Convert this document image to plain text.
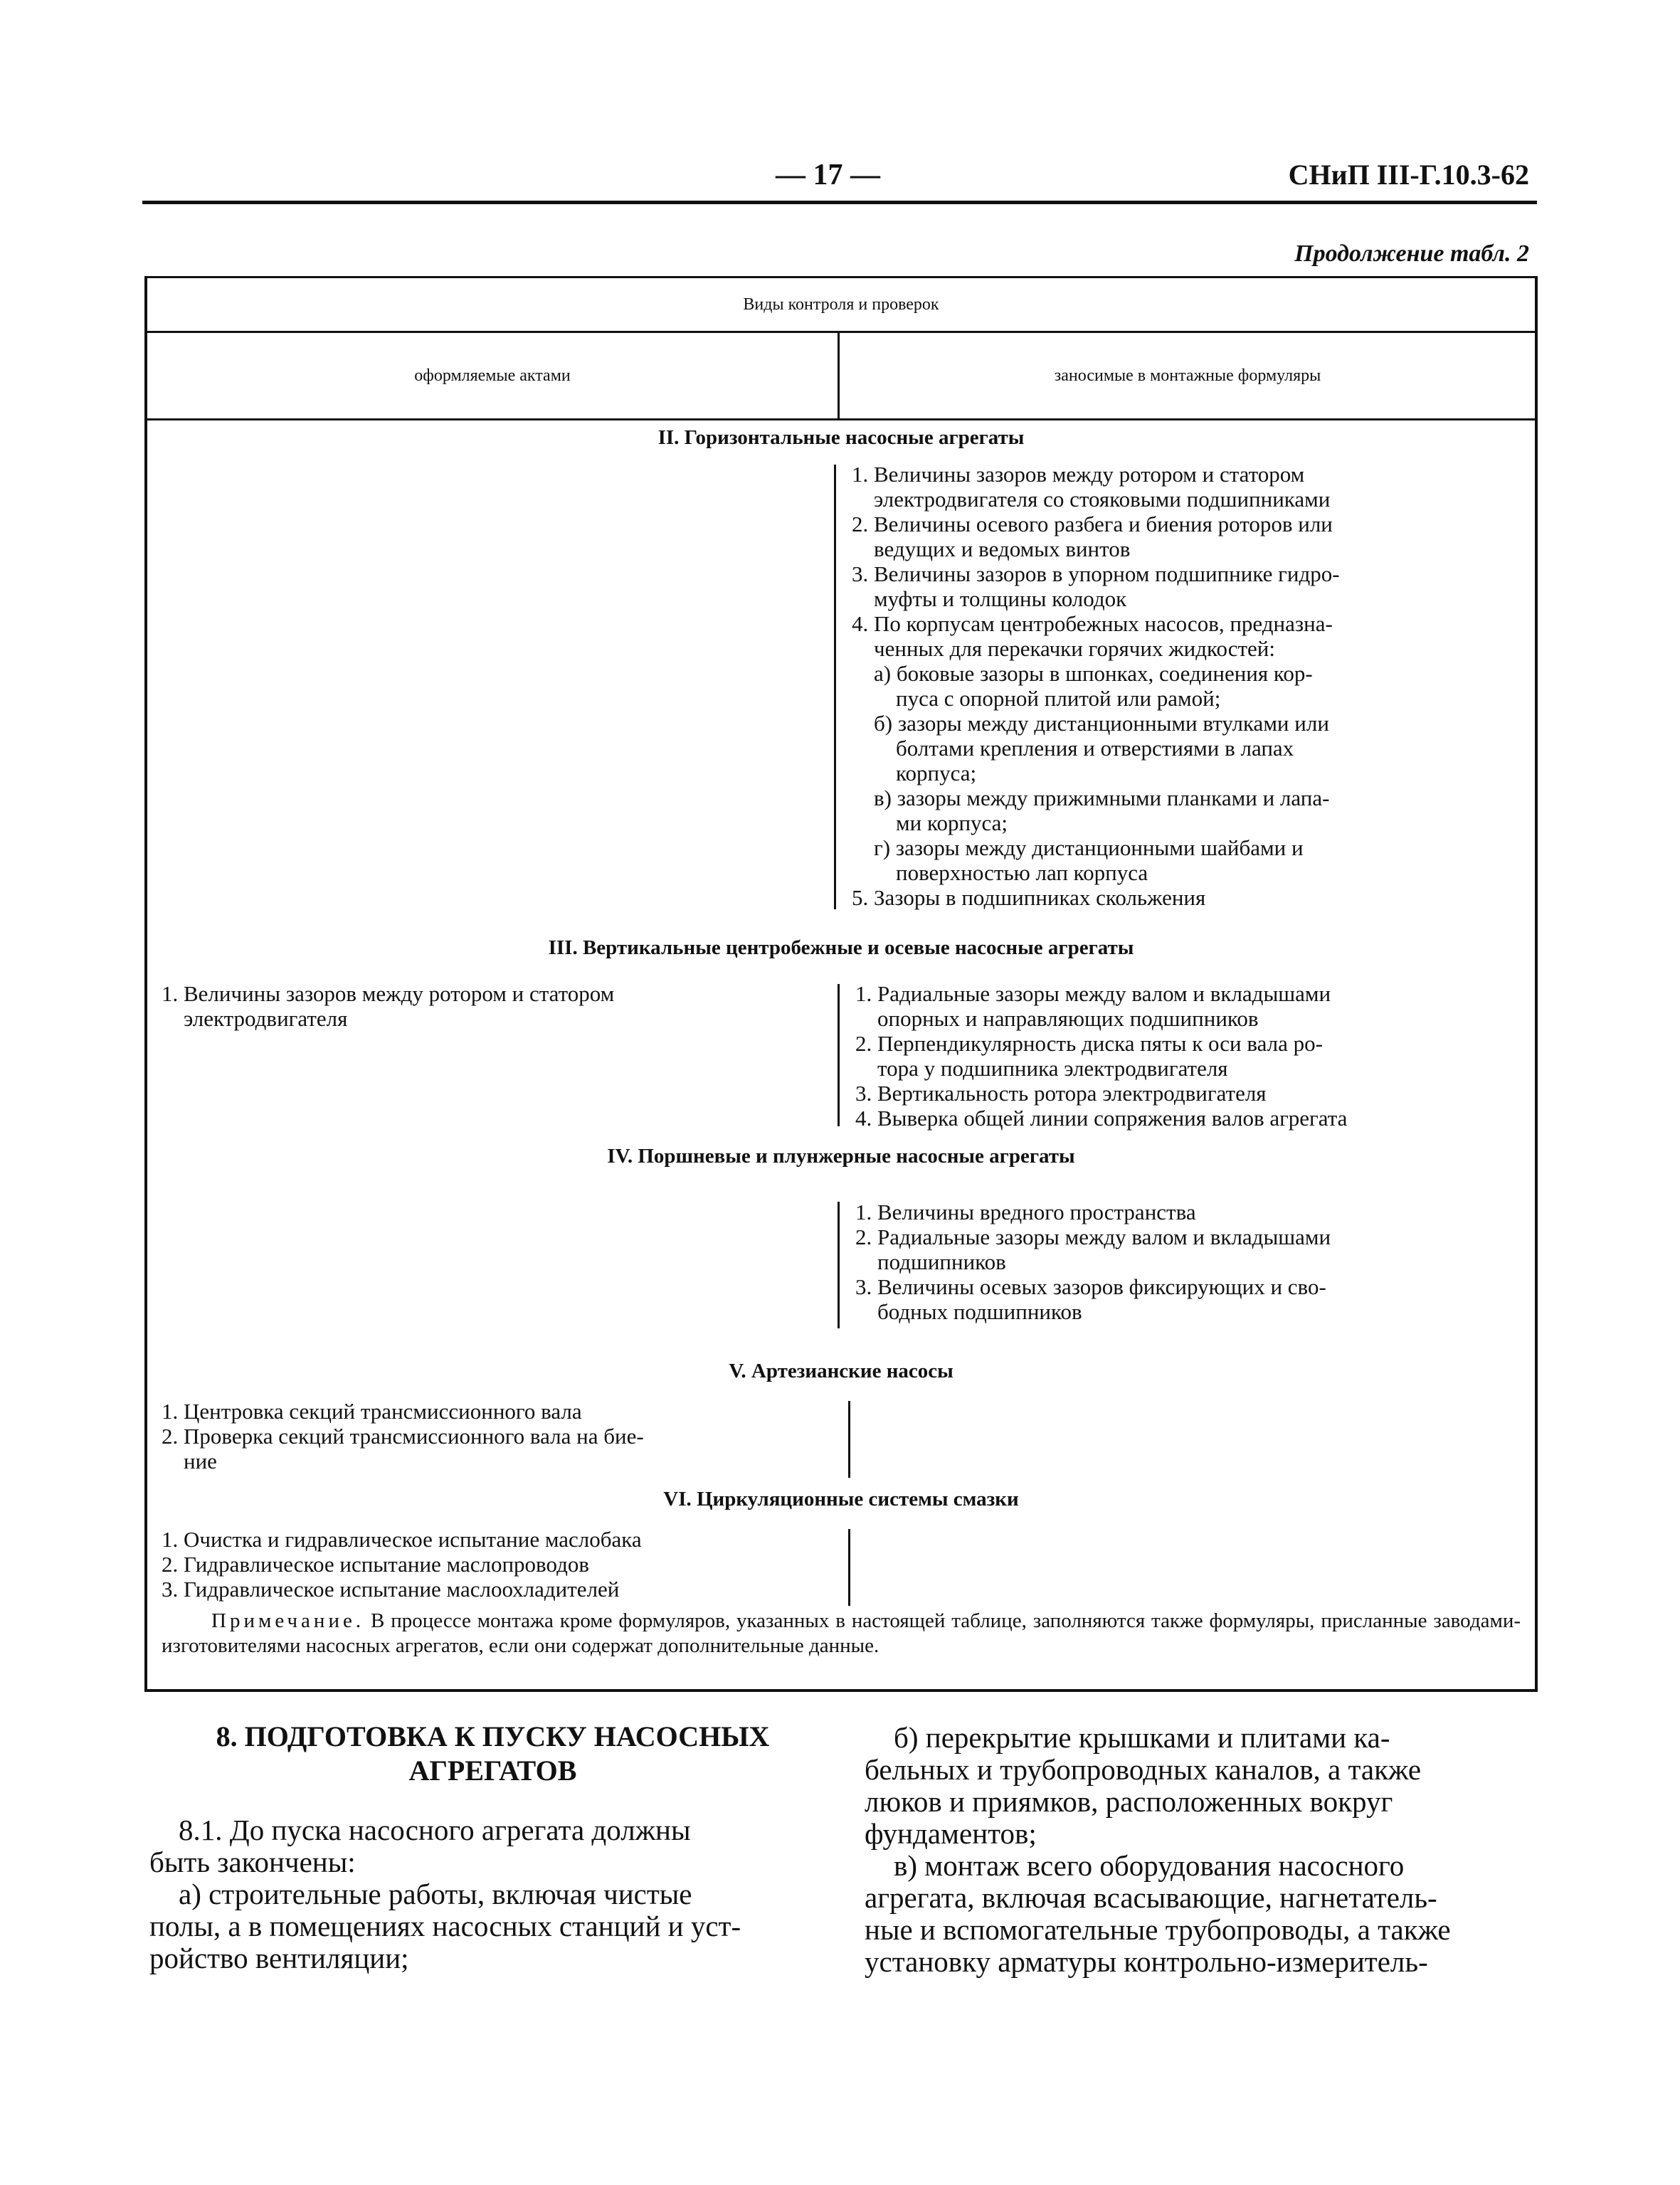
— 17 —	СНиП III-Г.10.3-62
Продолжение табл. 2
Виды контроля и проверок
оформляемые актами	заносимые в монтажные формуляры
II. Горизонтальные насосные агрегаты
1. Величины зазоров между ротором и статором
электродвигателя со стояковыми подшипниками
2. Величины осевого разбега и биения роторов или
ведущих и ведомых винтов
3. Величины зазоров в упорном подшипнике гидро-
муфты и толщины колодок
4. По корпусам центробежных насосов, предназна-
ченных для перекачки горячих жидкостей:
а) боковые зазоры в шпонках, соединения кор-
пуса с опорной плитой или рамой;
б) зазоры между дистанционными втулками или
болтами крепления и отверстиями в лапах
корпуса;
в) зазоры между прижимными планками и лапа-
ми корпуса;
г) зазоры между дистанционными шайбами и
поверхностью лап корпуса
5. Зазоры в подшипниках скольжения
III. Вертикальные центробежные и осевые насосные агрегаты
1. Величины зазоров между ротором и статором
электродвигателя
1. Радиальные зазоры между валом и вкладышами
опорных и направляющих подшипников
2. Перпендикулярность диска пяты к оси вала ро-
тора у подшипника электродвигателя
3. Вертикальность ротора электродвигателя
4. Выверка общей линии сопряжения валов агрегата
IV. Поршневые и плунжерные насосные агрегаты
1. Величины вредного пространства
2. Радиальные зазоры между валом и вкладышами
подшипников
3. Величины осевых зазоров фиксирующих и сво-
бодных подшипников
V. Артезианские насосы
1. Центровка секций трансмиссионного вала
2. Проверка секций трансмиссионного вала на бие-
ние
VI. Циркуляционные системы смазки
1. Очистка и гидравлическое испытание маслобака
2. Гидравлическое испытание маслопроводов
3. Гидравлическое испытание маслоохладителей
Примечание. В процессе монтажа кроме формуляров, указанных в настоящей таблице, заполняются также формуляры, присланные заводами-изготовителями насосных агрегатов, если они содержат дополнительные данные.
8. ПОДГОТОВКА К ПУСКУ НАСОСНЫХ
АГРЕГАТОВ
8.1. До пуска насосного агрегата должны
быть закончены:
а) строительные работы, включая чистые
полы, а в помещениях насосных станций и уст-
ройство вентиляции;
б) перекрытие крышками и плитами ка-
бельных и трубопроводных каналов, а также
люков и приямков, расположенных вокруг
фундаментов;
в) монтаж всего оборудования насосного
агрегата, включая всасывающие, нагнетатель-
ные и вспомогательные трубопроводы, а также
установку арматуры контрольно-измеритель-
